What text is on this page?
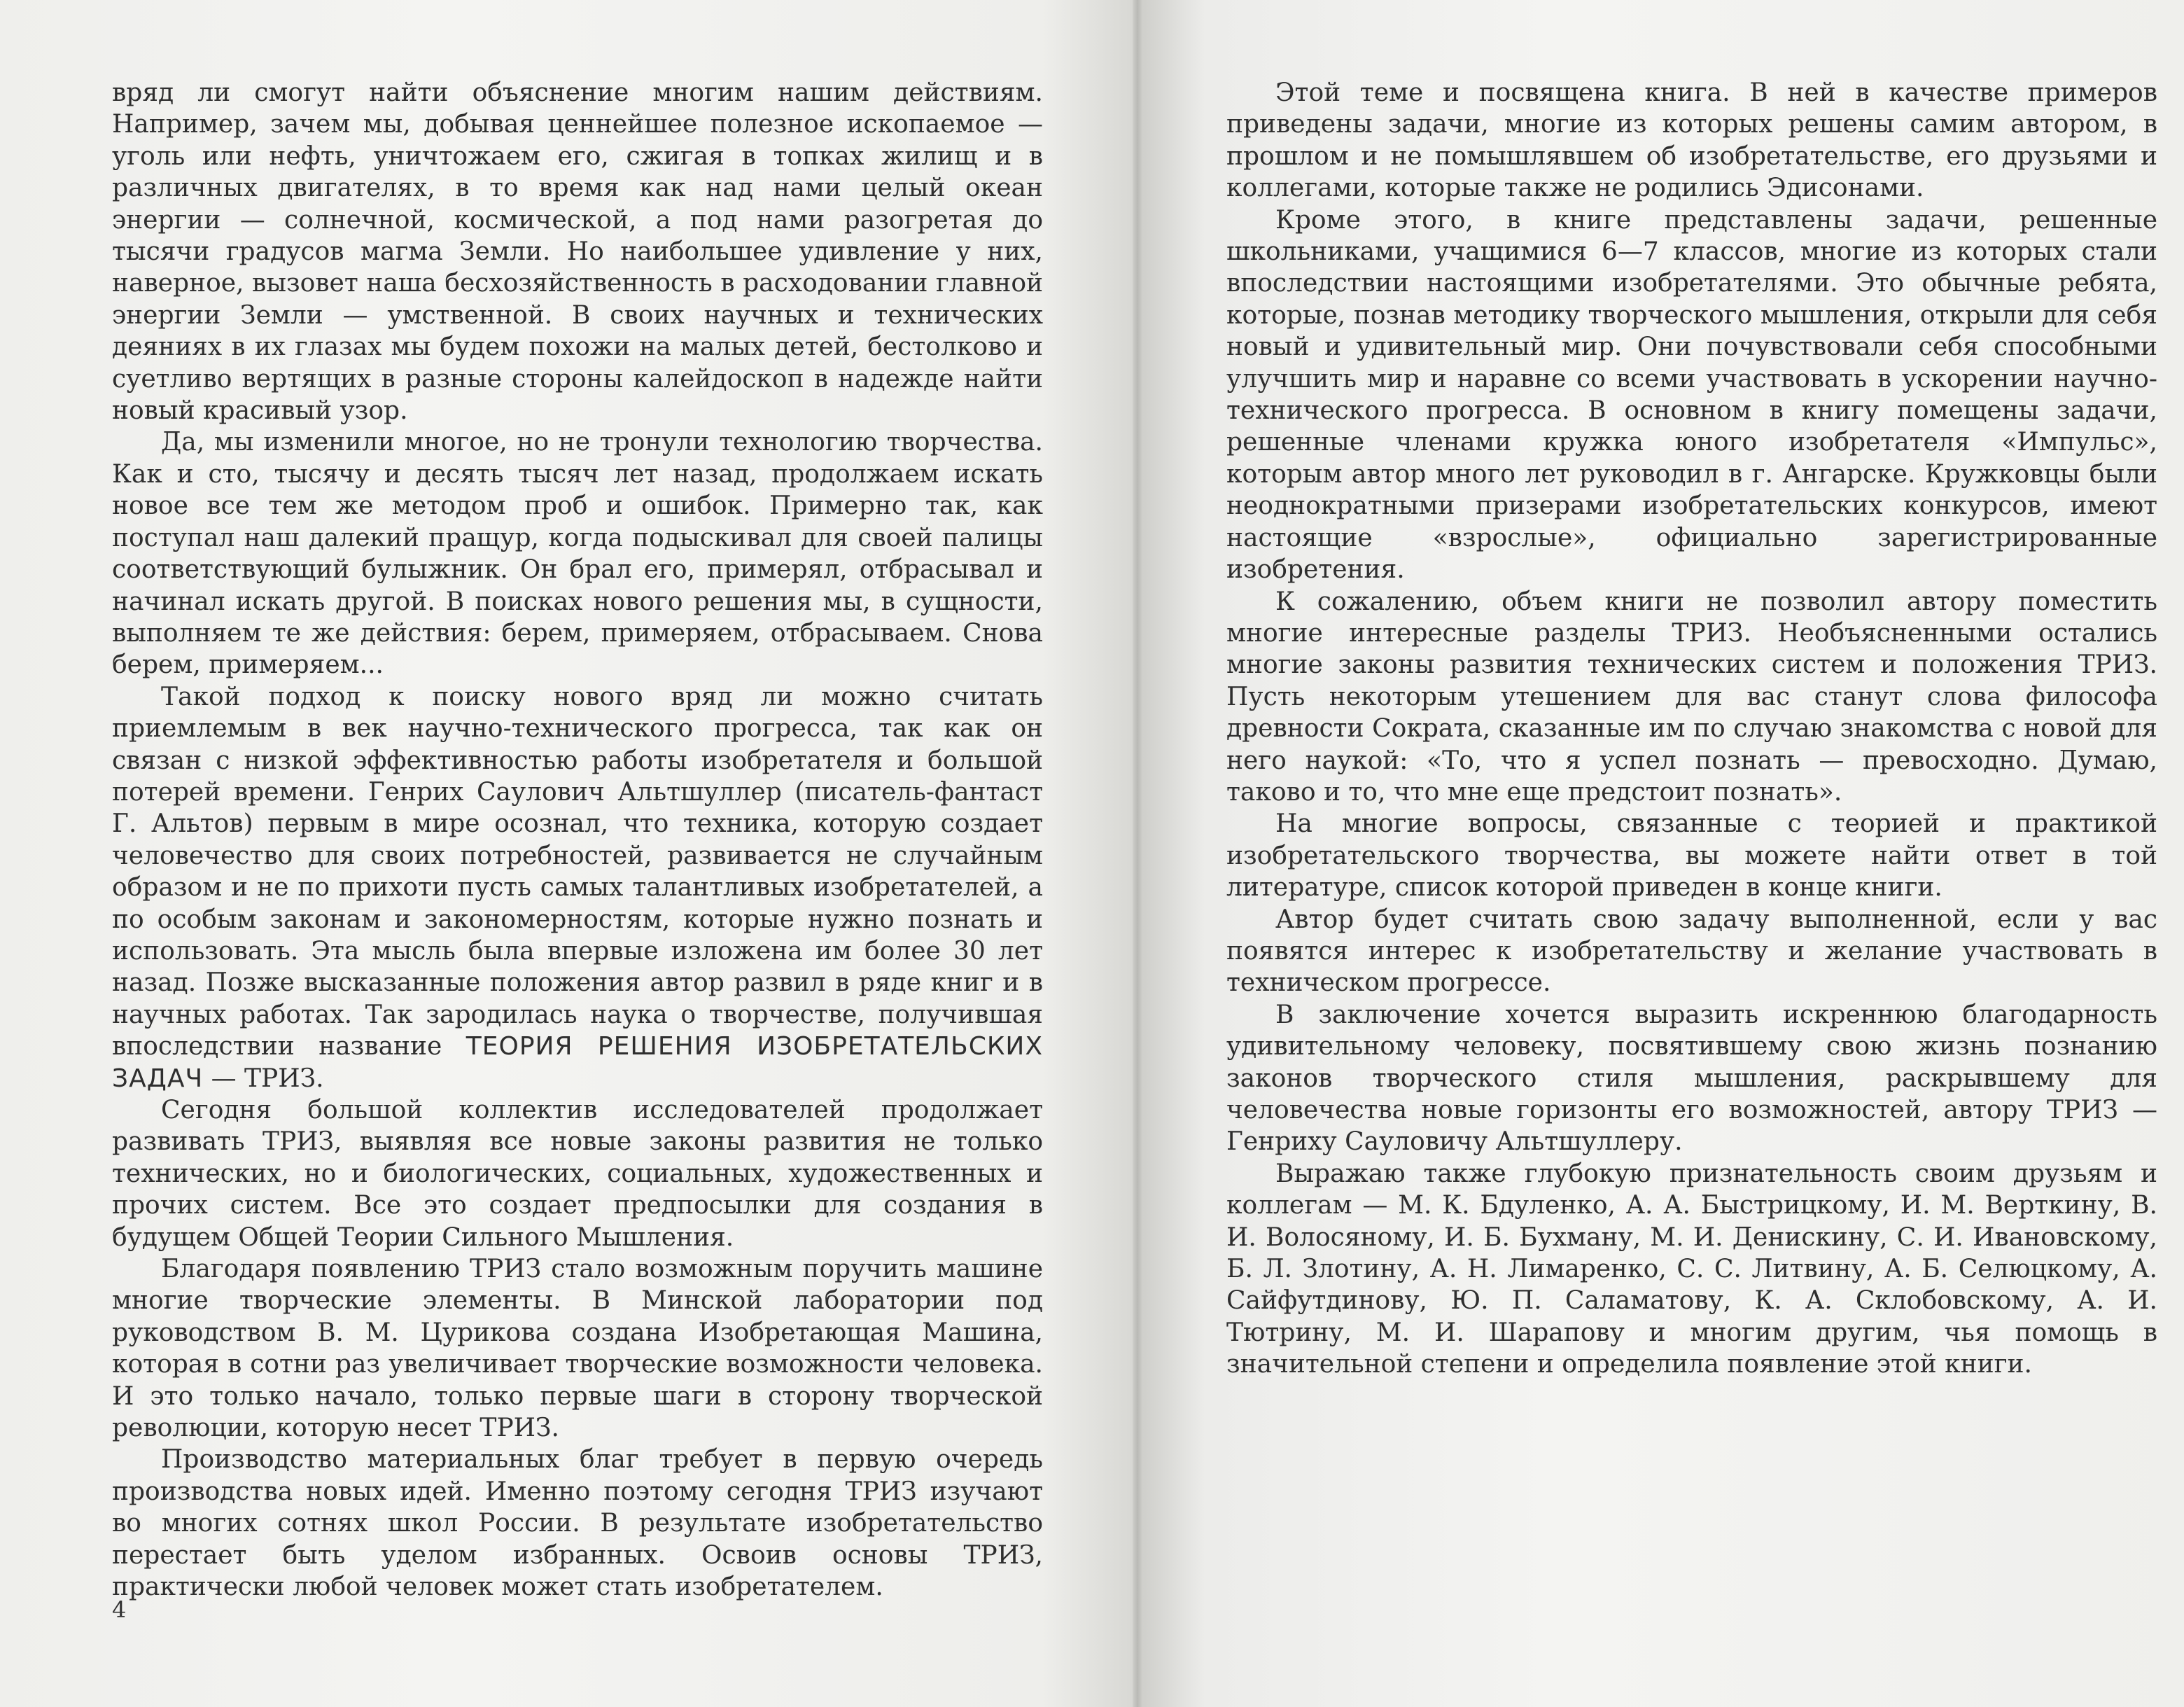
вряд ли смогут найти объяснение многим нашим действиям. Например, зачем мы, добывая ценнейшее полезное ископаемое — уголь или нефть, уничтожаем его, сжигая в топках жилищ и в различных двигателях, в то время как над нами целый океан энергии — солнечной, космической, а под нами разогретая до тысячи градусов магма Земли. Но наибольшее удивление у них, наверное, вызовет наша бесхозяйственность в расходовании главной энергии Земли — умственной. В своих научных и технических деяниях в их глазах мы будем похожи на малых детей, бестолково и суетливо вертящих в разные стороны калейдоскоп в надежде найти новый красивый узор.

Да, мы изменили многое, но не тронули технологию творчества. Как и сто, тысячу и десять тысяч лет назад, продолжаем искать новое все тем же методом проб и ошибок. Примерно так, как поступал наш далекий пращур, когда подыскивал для своей палицы соответствующий булыжник. Он брал его, примерял, отбрасывал и начинал искать другой. В поисках нового решения мы, в сущности, выполняем те же действия: берем, примеряем, отбрасываем. Снова берем, примеряем...

Такой подход к поиску нового вряд ли можно считать приемлемым в век научно-технического прогресса, так как он связан с низкой эффективностью работы изобретателя и большой потерей времени. Генрих Саулович Альтшуллер (писатель-фантаст Г. Альтов) первым в мире осознал, что техника, которую создает человечество для своих потребностей, развивается не случайным образом и не по прихоти пусть самых талантливых изобретателей, а по особым законам и закономерностям, которые нужно познать и использовать. Эта мысль была впервые изложена им более 30 лет назад. Позже высказанные положения автор развил в ряде книг и в научных работах. Так зародилась наука о творчестве, получившая впоследствии название ТЕОРИЯ РЕШЕНИЯ ИЗОБРЕТАТЕЛЬСКИХ ЗАДАЧ — ТРИЗ.

Сегодня большой коллектив исследователей продолжает развивать ТРИЗ, выявляя все новые законы развития не только технических, но и биологических, социальных, художественных и прочих систем. Все это создает предпосылки для создания в будущем Общей Теории Сильного Мышления.

Благодаря появлению ТРИЗ стало возможным поручить машине многие творческие элементы. В Минской лаборатории под руководством В. М. Цурикова создана Изобретающая Машина, которая в сотни раз увеличивает творческие возможности человека. И это только начало, только первые шаги в сторону творческой революции, которую несет ТРИЗ.

Производство материальных благ требует в первую очередь производства новых идей. Именно поэтому сегодня ТРИЗ изучают во многих сотнях школ России. В результате изобретательство перестает быть уделом избранных. Освоив основы ТРИЗ, практически любой человек может стать изобретателем.

4

Этой теме и посвящена книга. В ней в качестве примеров приведены задачи, многие из которых решены самим автором, в прошлом и не помышлявшем об изобретательстве, его друзьями и коллегами, которые также не родились Эдисонами.

Кроме этого, в книге представлены задачи, решенные школьниками, учащимися 6—7 классов, многие из которых стали впоследствии настоящими изобретателями. Это обычные ребята, которые, познав методику творческого мышления, открыли для себя новый и удивительный мир. Они почувствовали себя способными улучшить мир и наравне со всеми участвовать в ускорении научно-технического прогресса. В основном в книгу помещены задачи, решенные членами кружка юного изобретателя «Импульс», которым автор много лет руководил в г. Ангарске. Кружковцы были неоднократными призерами изобретательских конкурсов, имеют настоящие «взрослые», официально зарегистрированные изобретения.

К сожалению, объем книги не позволил автору поместить многие интересные разделы ТРИЗ. Необъясненными остались многие законы развития технических систем и положения ТРИЗ. Пусть некоторым утешением для вас станут слова философа древности Сократа, сказанные им по случаю знакомства с новой для него наукой: «То, что я успел познать — превосходно. Думаю, таково и то, что мне еще предстоит познать».

На многие вопросы, связанные с теорией и практикой изобретательского творчества, вы можете найти ответ в той литературе, список которой приведен в конце книги.

Автор будет считать свою задачу выполненной, если у вас появятся интерес к изобретательству и желание участвовать в техническом прогрессе.

В заключение хочется выразить искреннюю благодарность удивительному человеку, посвятившему свою жизнь познанию законов творческого стиля мышления, раскрывшему для человечества новые горизонты его возможностей, автору ТРИЗ — Генриху Сауловичу Альтшуллеру.

Выражаю также глубокую признательность своим друзьям и коллегам — М. К. Бдуленко, А. А. Быстрицкому, И. М. Верткину, В. И. Волосяному, И. Б. Бухману, М. И. Денискину, С. И. Ивановскому, Б. Л. Злотину, А. Н. Лимаренко, С. С. Литвину, А. Б. Селюцкому, А. Сайфутдинову, Ю. П. Саламатову, К. А. Склобовскому, А. И. Тютрину, М. И. Шарапову и многим другим, чья помощь в значительной степени и определила появление этой книги.
